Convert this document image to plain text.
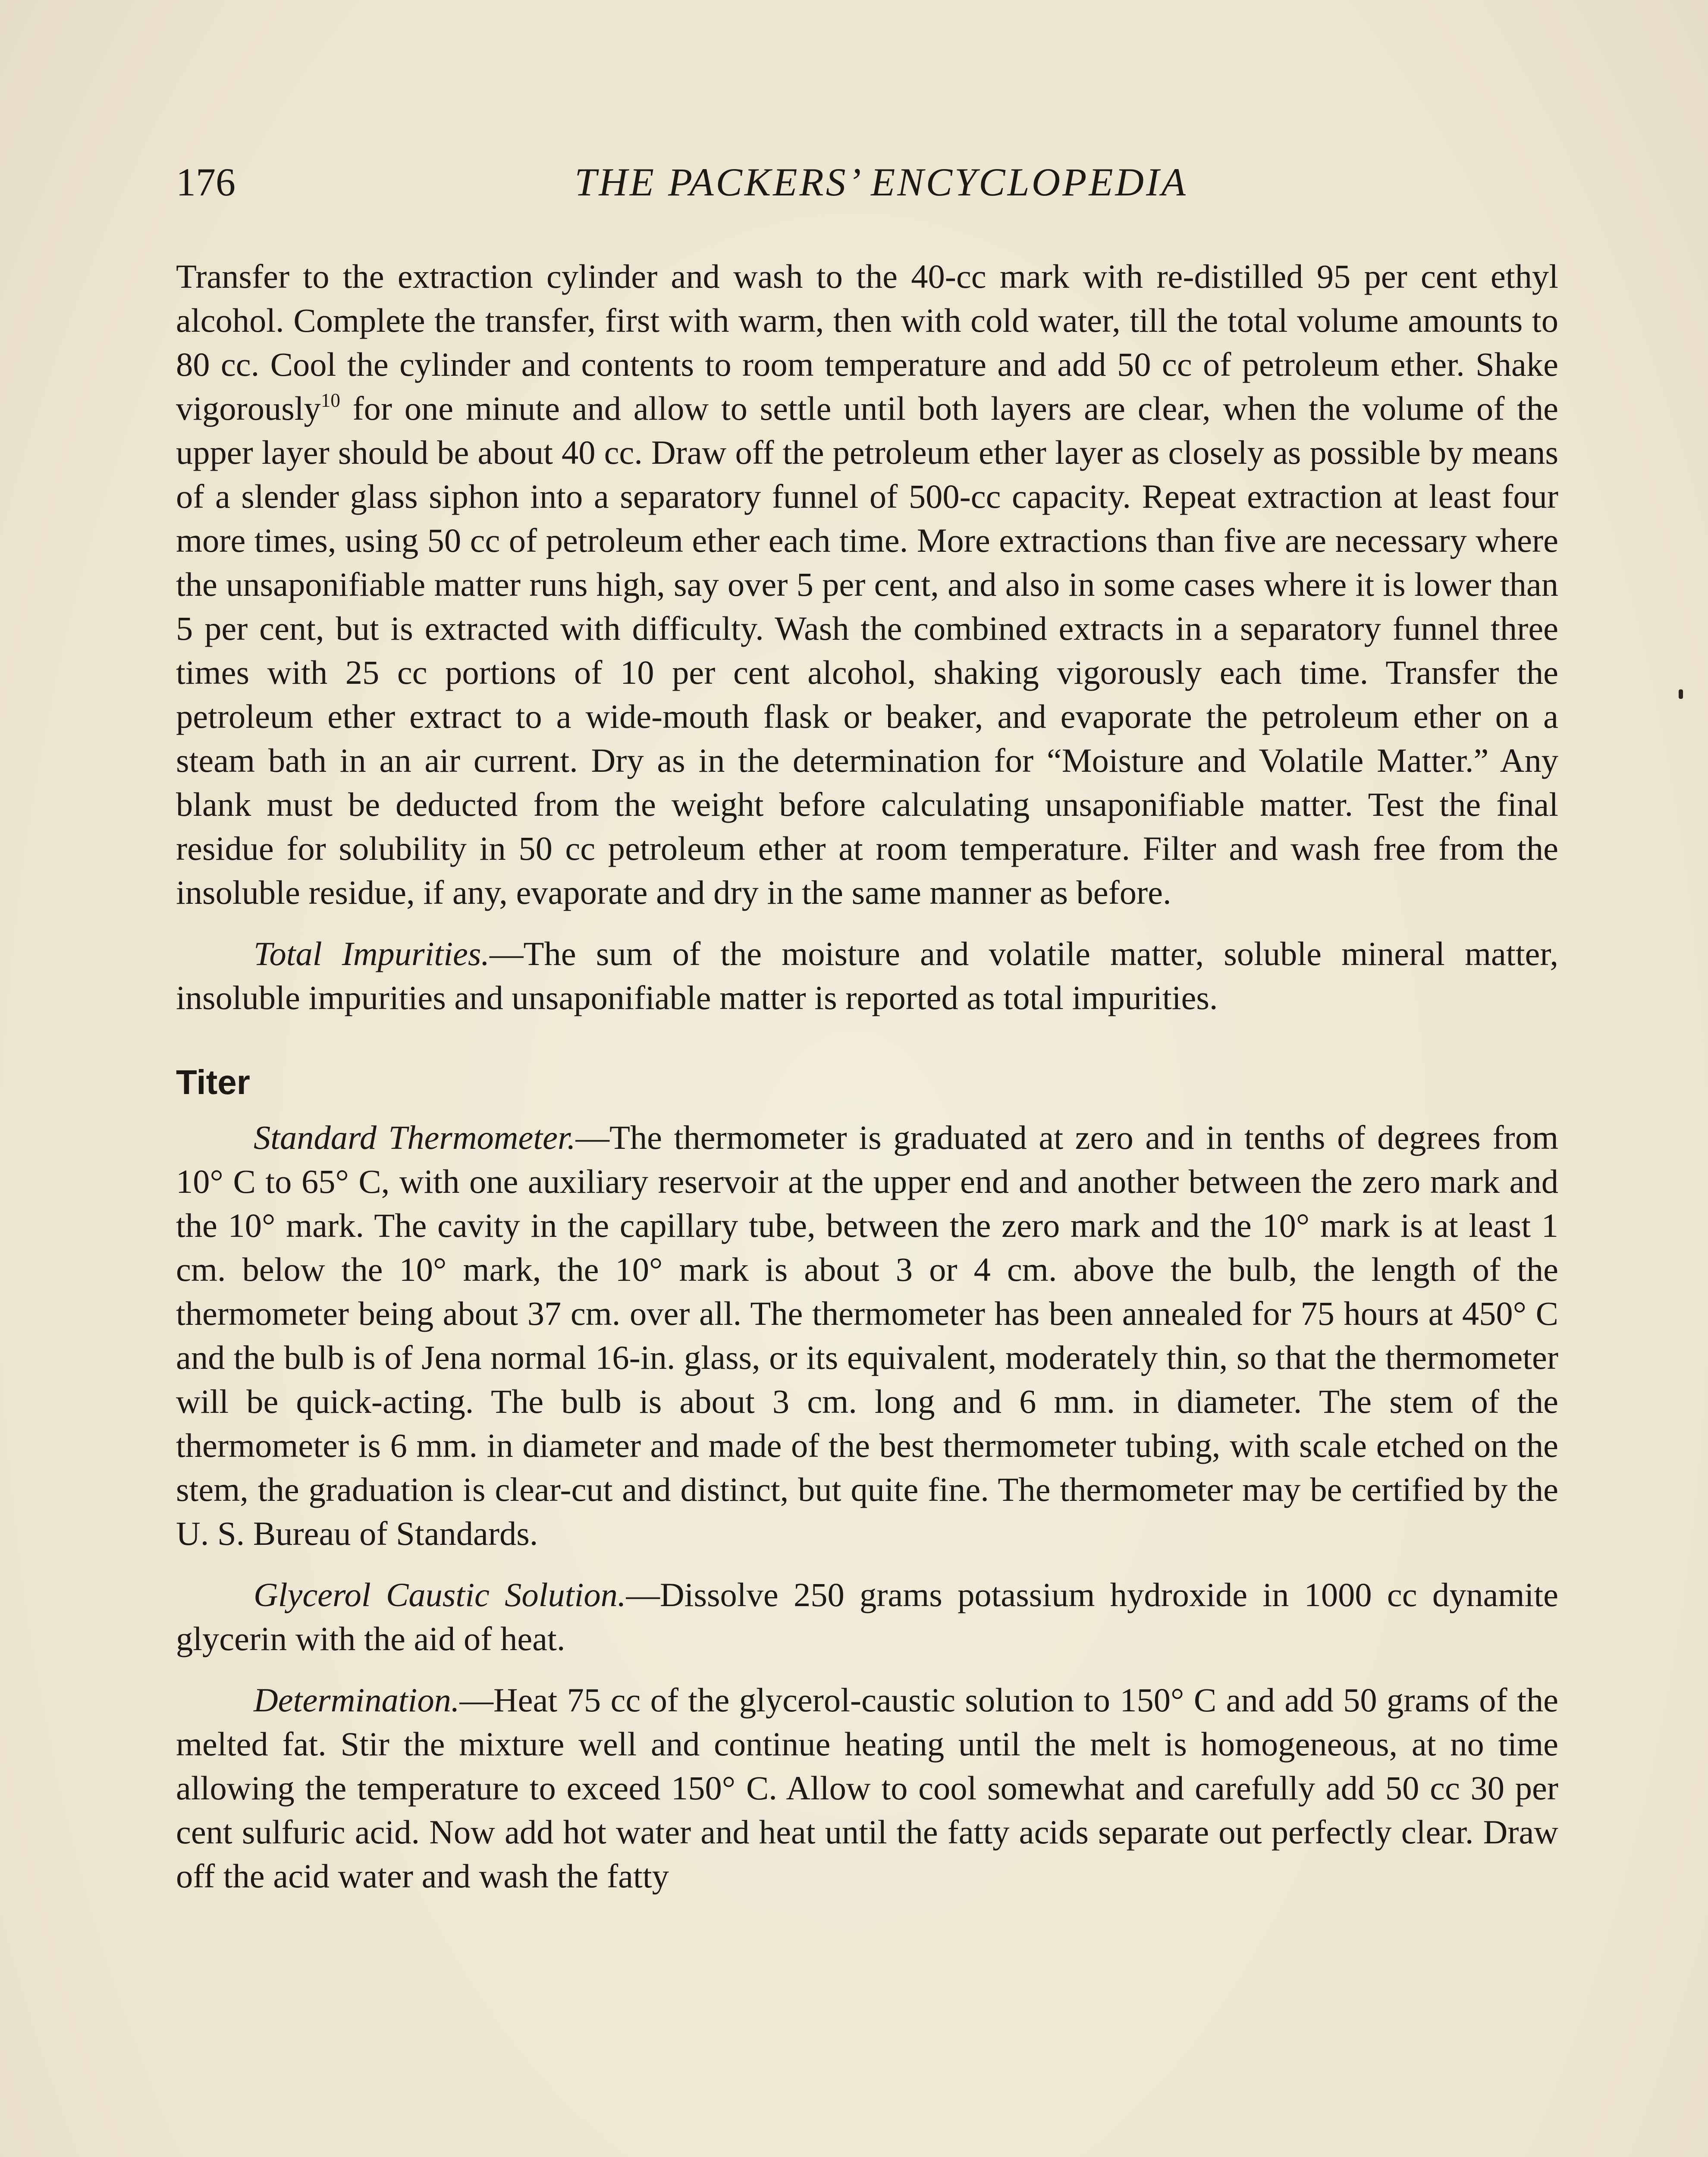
176	THE PACKERS’ ENCYCLOPEDIA

Transfer to the extraction cylinder and wash to the 40-cc mark with re-distilled 95 per cent ethyl alcohol. Complete the transfer, first with warm, then with cold water, till the total volume amounts to 80 cc. Cool the cylinder and contents to room temperature and add 50 cc of petroleum ether. Shake vigorously$^{10}$ for one minute and allow to settle until both layers are clear, when the volume of the upper layer should be about 40 cc. Draw off the petroleum ether layer as closely as possible by means of a slender glass siphon into a separatory funnel of 500-cc capacity. Repeat extraction at least four more times, using 50 cc of petroleum ether each time. More extractions than five are necessary where the unsaponifiable matter runs high, say over 5 per cent, and also in some cases where it is lower than 5 per cent, but is extracted with difficulty. Wash the combined extracts in a separatory funnel three times with 25 cc portions of 10 per cent alcohol, shaking vigorously each time. Transfer the petroleum ether extract to a wide-mouth flask or beaker, and evaporate the petroleum ether on a steam bath in an air current. Dry as in the determination for “Moisture and Volatile Matter.” Any blank must be deducted from the weight before calculating unsaponifiable matter. Test the final residue for solubility in 50 cc petroleum ether at room temperature. Filter and wash free from the insoluble residue, if any, evaporate and dry in the same manner as before.

Total Impurities.—The sum of the moisture and volatile matter, soluble mineral matter, insoluble impurities and unsaponifiable matter is reported as total impurities.

Titer

Standard Thermometer.—The thermometer is graduated at zero and in tenths of degrees from 10° C to 65° C, with one auxiliary reservoir at the upper end and another between the zero mark and the 10° mark. The cavity in the capillary tube, between the zero mark and the 10° mark is at least 1 cm. below the 10° mark, the 10° mark is about 3 or 4 cm. above the bulb, the length of the thermometer being about 37 cm. over all. The thermometer has been annealed for 75 hours at 450° C and the bulb is of Jena normal 16-in. glass, or its equivalent, moderately thin, so that the thermometer will be quick-acting. The bulb is about 3 cm. long and 6 mm. in diameter. The stem of the thermometer is 6 mm. in diameter and made of the best thermometer tubing, with scale etched on the stem, the graduation is clear-cut and distinct, but quite fine. The thermometer may be certified by the U. S. Bureau of Standards.

Glycerol Caustic Solution.—Dissolve 250 grams potassium hydroxide in 1000 cc dynamite glycerin with the aid of heat.

Determination.—Heat 75 cc of the glycerol-caustic solution to 150° C and add 50 grams of the melted fat. Stir the mixture well and continue heating until the melt is homogeneous, at no time allowing the temperature to exceed 150° C. Allow to cool somewhat and carefully add 50 cc 30 per cent sulfuric acid. Now add hot water and heat until the fatty acids separate out perfectly clear. Draw off the acid water and wash the fatty
